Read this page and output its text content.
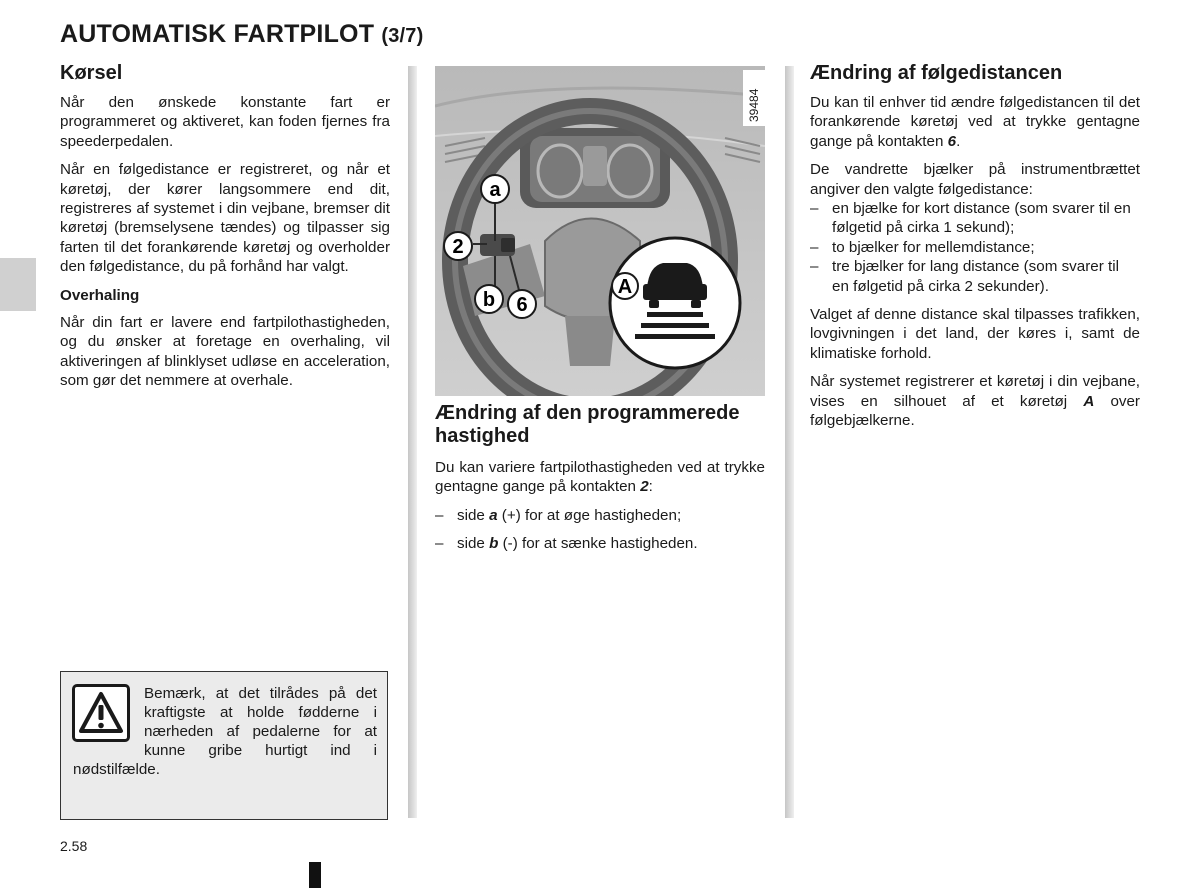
AUTOMATISK FARTPILOT (3/7)
Kørsel

Når den ønskede konstante fart er programmeret og aktiveret, kan foden fjernes fra speederpedalen.

Når en følgedistance er registreret, og når et køretøj, der kører langsommere end dit, registreres af systemet i din vejbane, bremser dit køretøj (bremselysene tændes) og tilpasser sig farten til det forankørende køretøj og overholder den følgedistance, du på forhånd har valgt.

Overhaling

Når din fart er lavere end fartpilothastigheden, og du ønsker at foretage en overhaling, vil aktiveringen af blinklyset udløse en acceleration, som gør det nemmere at overhale.

Bemærk, at det tilrådes på det kraftigste at holde fødderne i nærheden af pedalerne for at kunne gribe hurtigt ind i nødstilfælde.
a
2
b 6
A
39484
Ændring af den programmerede hastighed

Du kan variere fartpilothastigheden ved at trykke gentagne gange på kontakten 2:

– side a (+) for at øge hastigheden;
– side b (-) for at sænke hastigheden.
Ændring af følgedistancen

Du kan til enhver tid ændre følgedistancen til det forankørende køretøj ved at trykke gentagne gange på kontakten 6.

De vandrette bjælker på instrumentbrættet angiver den valgte følgedistance:

– en bjælke for kort distance (som svarer til en følgetid på cirka 1 sekund);
– to bjælker for mellemdistance;
– tre bjælker for lang distance (som svarer til en følgetid på cirka 2 sekunder).

Valget af denne distance skal tilpasses trafikken, lovgivningen i det land, der køres i, samt de klimatiske forhold.

Når systemet registrerer et køretøj i din vejbane, vises en silhouet af et køretøj A over følgebjælkerne.

2.58
